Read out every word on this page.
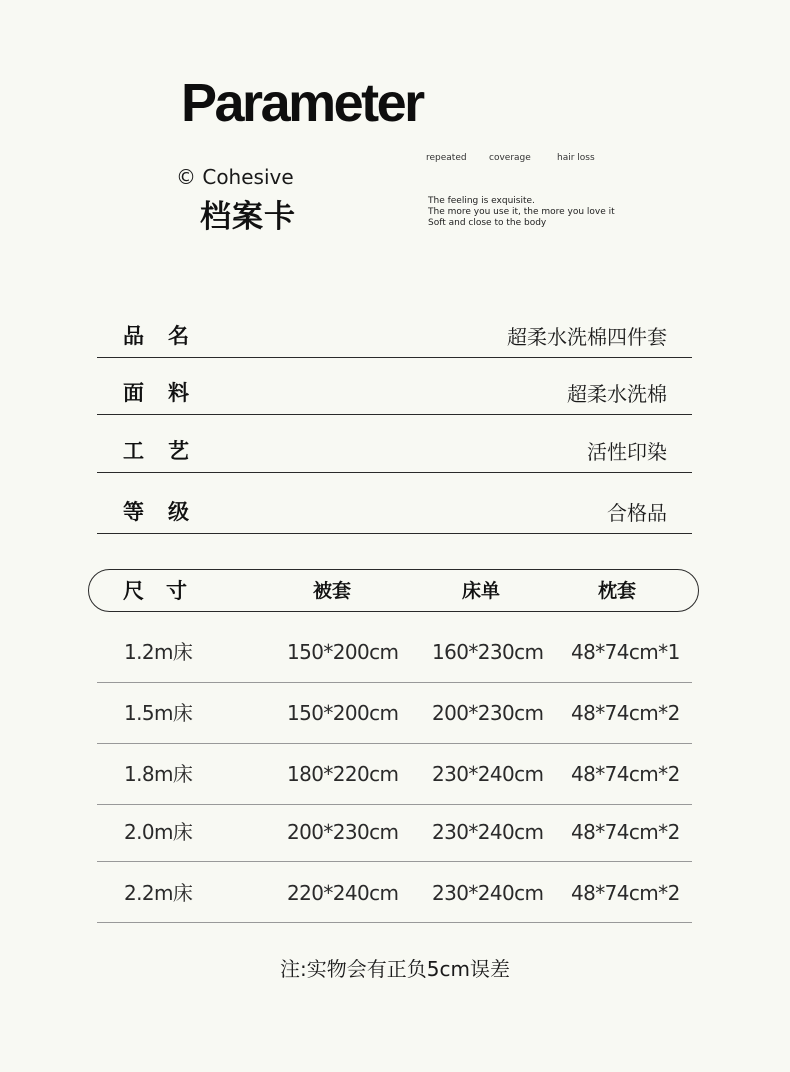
Parameter
© Cohesive
档案卡
repeated coverage	hair loss
The feeling is exquisite.
The more you use it, the more you love it
Soft and close to the body
品名	超柔水洗棉四件套
面料	超柔水洗棉
工艺	活性印染
等级	合格品
尺寸	被套	床单	枕套
1.2m床	150*200cm 160*230cm 48*74cm*1
1.5m床	150*200cm 200*230cm 48*74cm*2
1.8m床	180*220cm 230*240cm 48*74cm*2
2.0m床	200*230cm 230*240cm 48*74cm*2
2.2m床	220*240cm 230*240cm 48*74cm*2
注:实物会有正负5cm误差
